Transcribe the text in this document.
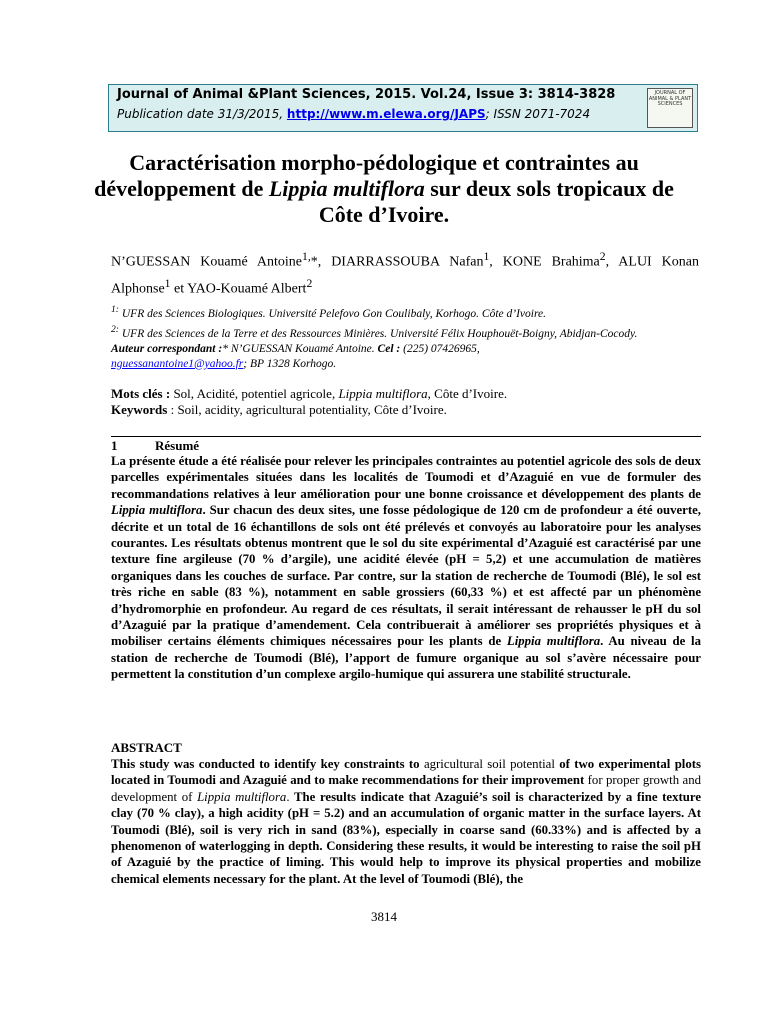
Journal of Animal &Plant Sciences, 2015. Vol.24, Issue 3: 3814-3828
Publication date 31/3/2015, http://www.m.elewa.org/JAPS; ISSN 2071-7024
JOURNAL OF ANIMAL & PLANT SCIENCES
Caractérisation morpho-pédologique et contraintes au développement de Lippia multiflora sur deux sols tropicaux de Côte d’Ivoire.
N’GUESSAN Kouamé Antoine$^{1,}$*, DIARRASSOUBA Nafan$^1$, KONE Brahima$^2$, ALUI Konan Alphonse$^1$ et YAO-Kouamé Albert$^2$
$^{1:}$ UFR des Sciences Biologiques. Université Pelefovo Gon Coulibaly, Korhogo. Côte d’Ivoire.
$^{2:}$ UFR des Sciences de la Terre et des Ressources Minières. Université Félix Houphouët-Boigny, Abidjan-Cocody.
Auteur correspondant :* N’GUESSAN Kouamé Antoine. Cel : (225) 07426965,
nguessanantoine1@yahoo.fr; BP 1328 Korhogo.
Mots clés : Sol, Acidité, potentiel agricole, Lippia multiflora, Côte d’Ivoire.
Keywords : Soil, acidity, agricultural potentiality, Côte d’Ivoire.
1	Résumé
La présente étude a été réalisée pour relever les principales contraintes au potentiel agricole des sols de deux parcelles expérimentales situées dans les localités de Toumodi et d’Azaguié en vue de formuler des recommandations relatives à leur amélioration pour une bonne croissance et développement des plants de Lippia multiflora. Sur chacun des deux sites, une fosse pédologique de 120 cm de profondeur a été ouverte, décrite et un total de 16 échantillons de sols ont été prélevés et convoyés au laboratoire pour les analyses courantes. Les résultats obtenus montrent que le sol du site expérimental d’Azaguié est caractérisé par une texture fine argileuse (70 % d’argile), une acidité élevée (pH = 5,2) et une accumulation de matières organiques dans les couches de surface. Par contre, sur la station de recherche de Toumodi (Blé), le sol est très riche en sable (83 %), notamment en sable grossiers (60,33 %) et est affecté par un phénomène d’hydromorphie en profondeur. Au regard de ces résultats, il serait intéressant de rehausser le pH du sol d’Azaguié par la pratique d’amendement. Cela contribuerait à améliorer ses propriétés physiques et à mobiliser certains éléments chimiques nécessaires pour les plants de Lippia multiflora. Au niveau de la station de recherche de Toumodi (Blé), l’apport de fumure organique au sol s’avère nécessaire pour permettent la constitution d’un complexe argilo-humique qui assurera une stabilité structurale.
ABSTRACT
This study was conducted to identify key constraints to agricultural soil potential of two experimental plots located in Toumodi and Azaguié and to make recommendations for their improvement for proper growth and development of Lippia multiflora. The results indicate that Azaguié’s soil is characterized by a fine texture clay (70 % clay), a high acidity (pH = 5.2) and an accumulation of organic matter in the surface layers. At Toumodi (Blé), soil is very rich in sand (83%), especially in coarse sand (60.33%) and is affected by a phenomenon of waterlogging in depth. Considering these results, it would be interesting to raise the soil pH of Azaguié by the practice of liming. This would help to improve its physical properties and mobilize chemical elements necessary for the plant. At the level of Toumodi (Blé), the
3814
